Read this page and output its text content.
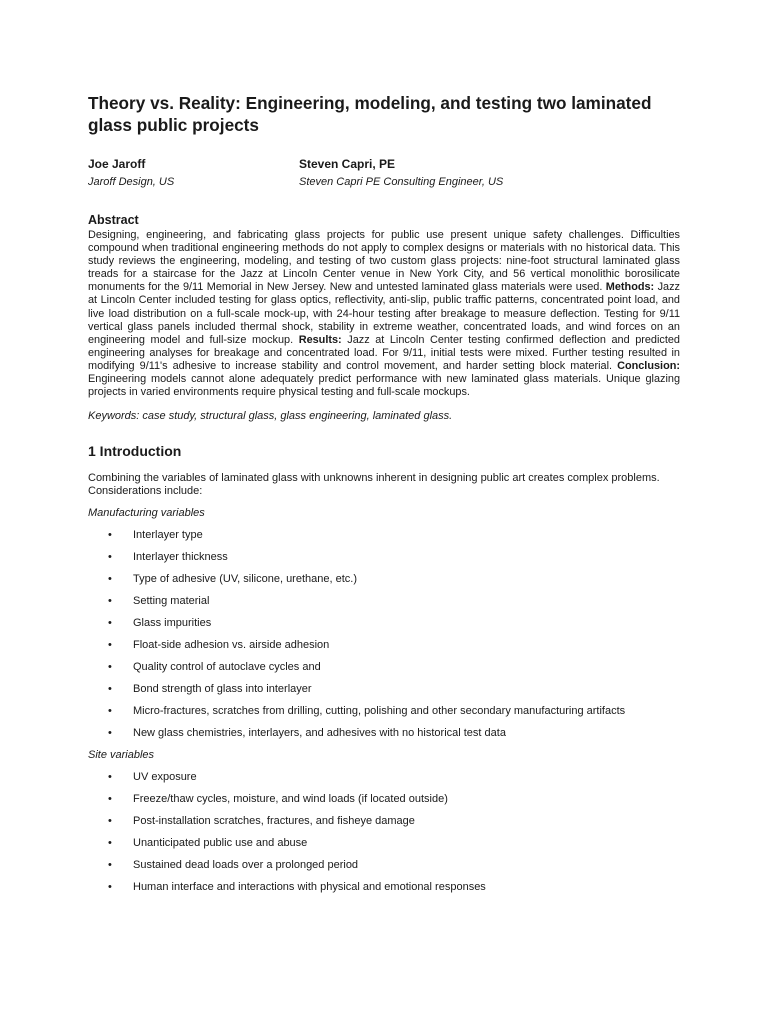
Theory vs. Reality: Engineering, modeling, and testing two laminated glass public projects
Joe Jaroff
Jaroff Design, US
Steven Capri, PE
Steven Capri PE Consulting Engineer, US
Abstract
Designing, engineering, and fabricating glass projects for public use present unique safety challenges. Difficulties compound when traditional engineering methods do not apply to complex designs or materials with no historical data. This study reviews the engineering, modeling, and testing of two custom glass projects: nine-foot structural laminated glass treads for a staircase for the Jazz at Lincoln Center venue in New York City, and 56 vertical monolithic borosilicate monuments for the 9/11 Memorial in New Jersey. New and untested laminated glass materials were used. Methods: Jazz at Lincoln Center included testing for glass optics, reflectivity, anti-slip, public traffic patterns, concentrated point load, and live load distribution on a full-scale mock-up, with 24-hour testing after breakage to measure deflection. Testing for 9/11 vertical glass panels included thermal shock, stability in extreme weather, concentrated loads, and wind forces on an engineering model and full-size mockup. Results: Jazz at Lincoln Center testing confirmed deflection and predicted engineering analyses for breakage and concentrated load. For 9/11, initial tests were mixed. Further testing resulted in modifying 9/11's adhesive to increase stability and control movement, and harder setting block material. Conclusion: Engineering models cannot alone adequately predict performance with new laminated glass materials. Unique glazing projects in varied environments require physical testing and full-scale mockups.
Keywords: case study, structural glass, glass engineering, laminated glass.
1 Introduction
Combining the variables of laminated glass with unknowns inherent in designing public art creates complex problems. Considerations include:
Manufacturing variables
• Interlayer type
• Interlayer thickness
• Type of adhesive (UV, silicone, urethane, etc.)
• Setting material
• Glass impurities
• Float-side adhesion vs. airside adhesion
• Quality control of autoclave cycles and
• Bond strength of glass into interlayer
• Micro-fractures, scratches from drilling, cutting, polishing and other secondary manufacturing artifacts
• New glass chemistries, interlayers, and adhesives with no historical test data
Site variables
• UV exposure
• Freeze/thaw cycles, moisture, and wind loads (if located outside)
• Post-installation scratches, fractures, and fisheye damage
• Unanticipated public use and abuse
• Sustained dead loads over a prolonged period
• Human interface and interactions with physical and emotional responses
